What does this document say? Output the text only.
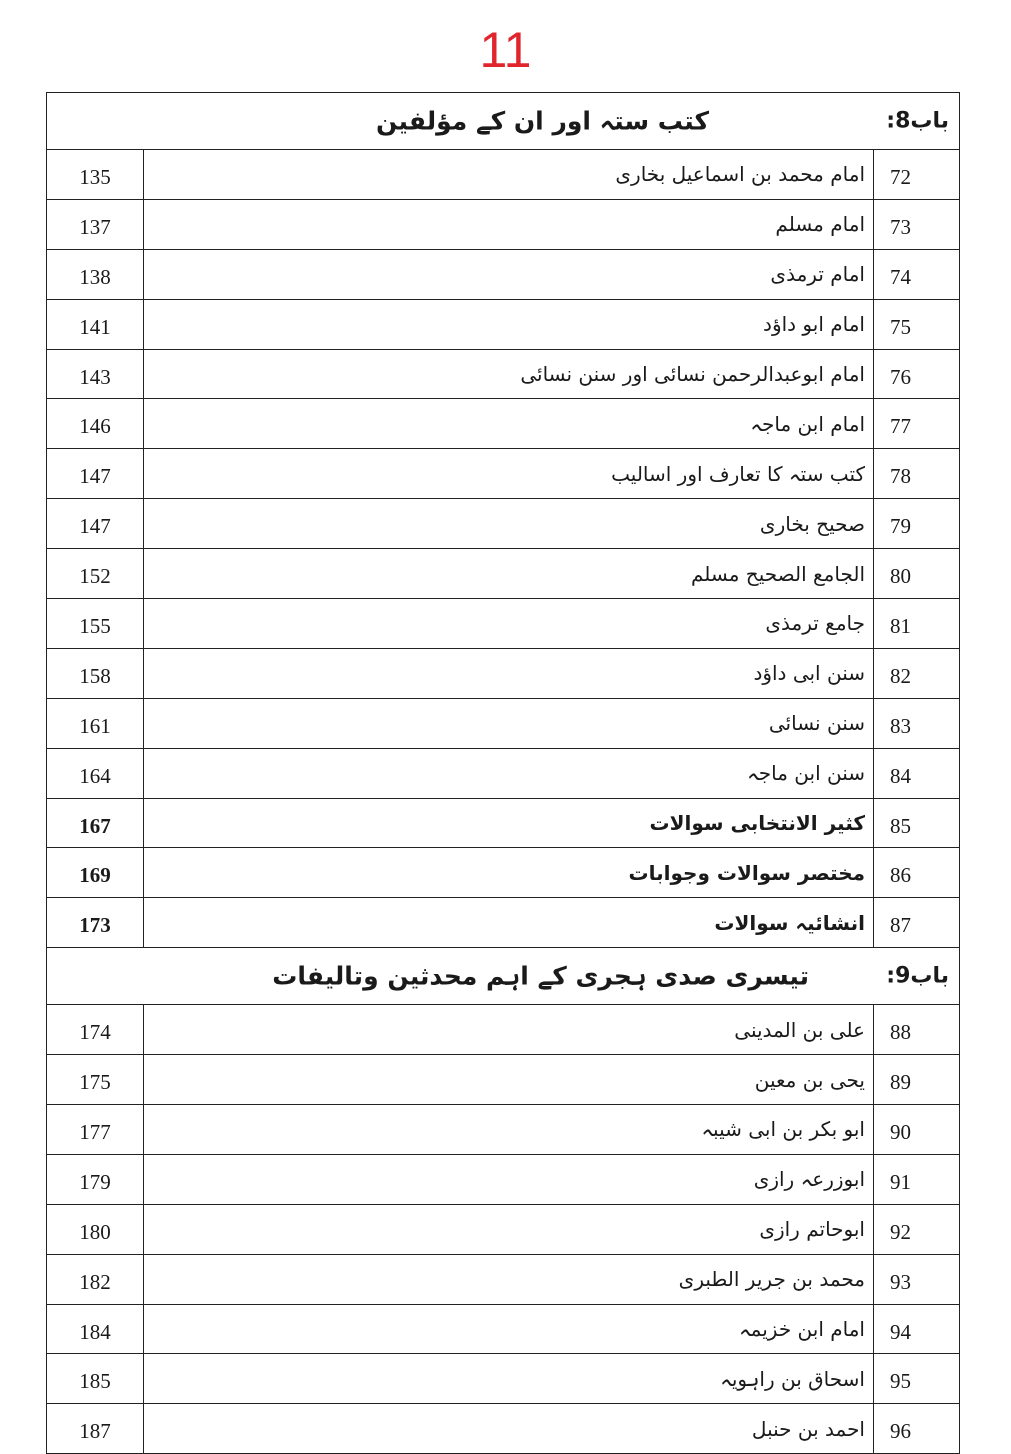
11
باب8:
کتب ستہ اور ان کے مؤلفین		

135	امام محمد بن اسماعیل بخاری	72
137	امام مسلم	73
138	امام ترمذی	74
141	امام ابو داؤد	75
143	امام ابوعبدالرحمن نسائی اور سنن نسائی	76
146	امام ابن ماجہ	77
147	کتب ستہ کا تعارف اور اسالیب	78
147	صحیح بخاری	79
152	الجامع الصحیح مسلم	80
155	جامع ترمذی	81
158	سنن ابی داؤد	82
161	سنن نسائی	83
164	سنن ابن ماجہ	84
167	کثیر الانتخابی سوالات	85
169	مختصر سوالات وجوابات	86
173	انشائیہ سوالات	87

باب9:
تیسری صدی ہجری کے اہم محدثین وتالیفات		

174	علی بن المدینی	88
175	یحی بن معین	89
177	ابو بکر بن ابی شیبہ	90
179	ابوزرعہ رازی	91
180	ابوحاتم رازی	92
182	محمد بن جریر الطبری	93
184	امام ابن خزیمہ	94
185	اسحاق بن راہویہ	95
187	احمد بن حنبل	96
